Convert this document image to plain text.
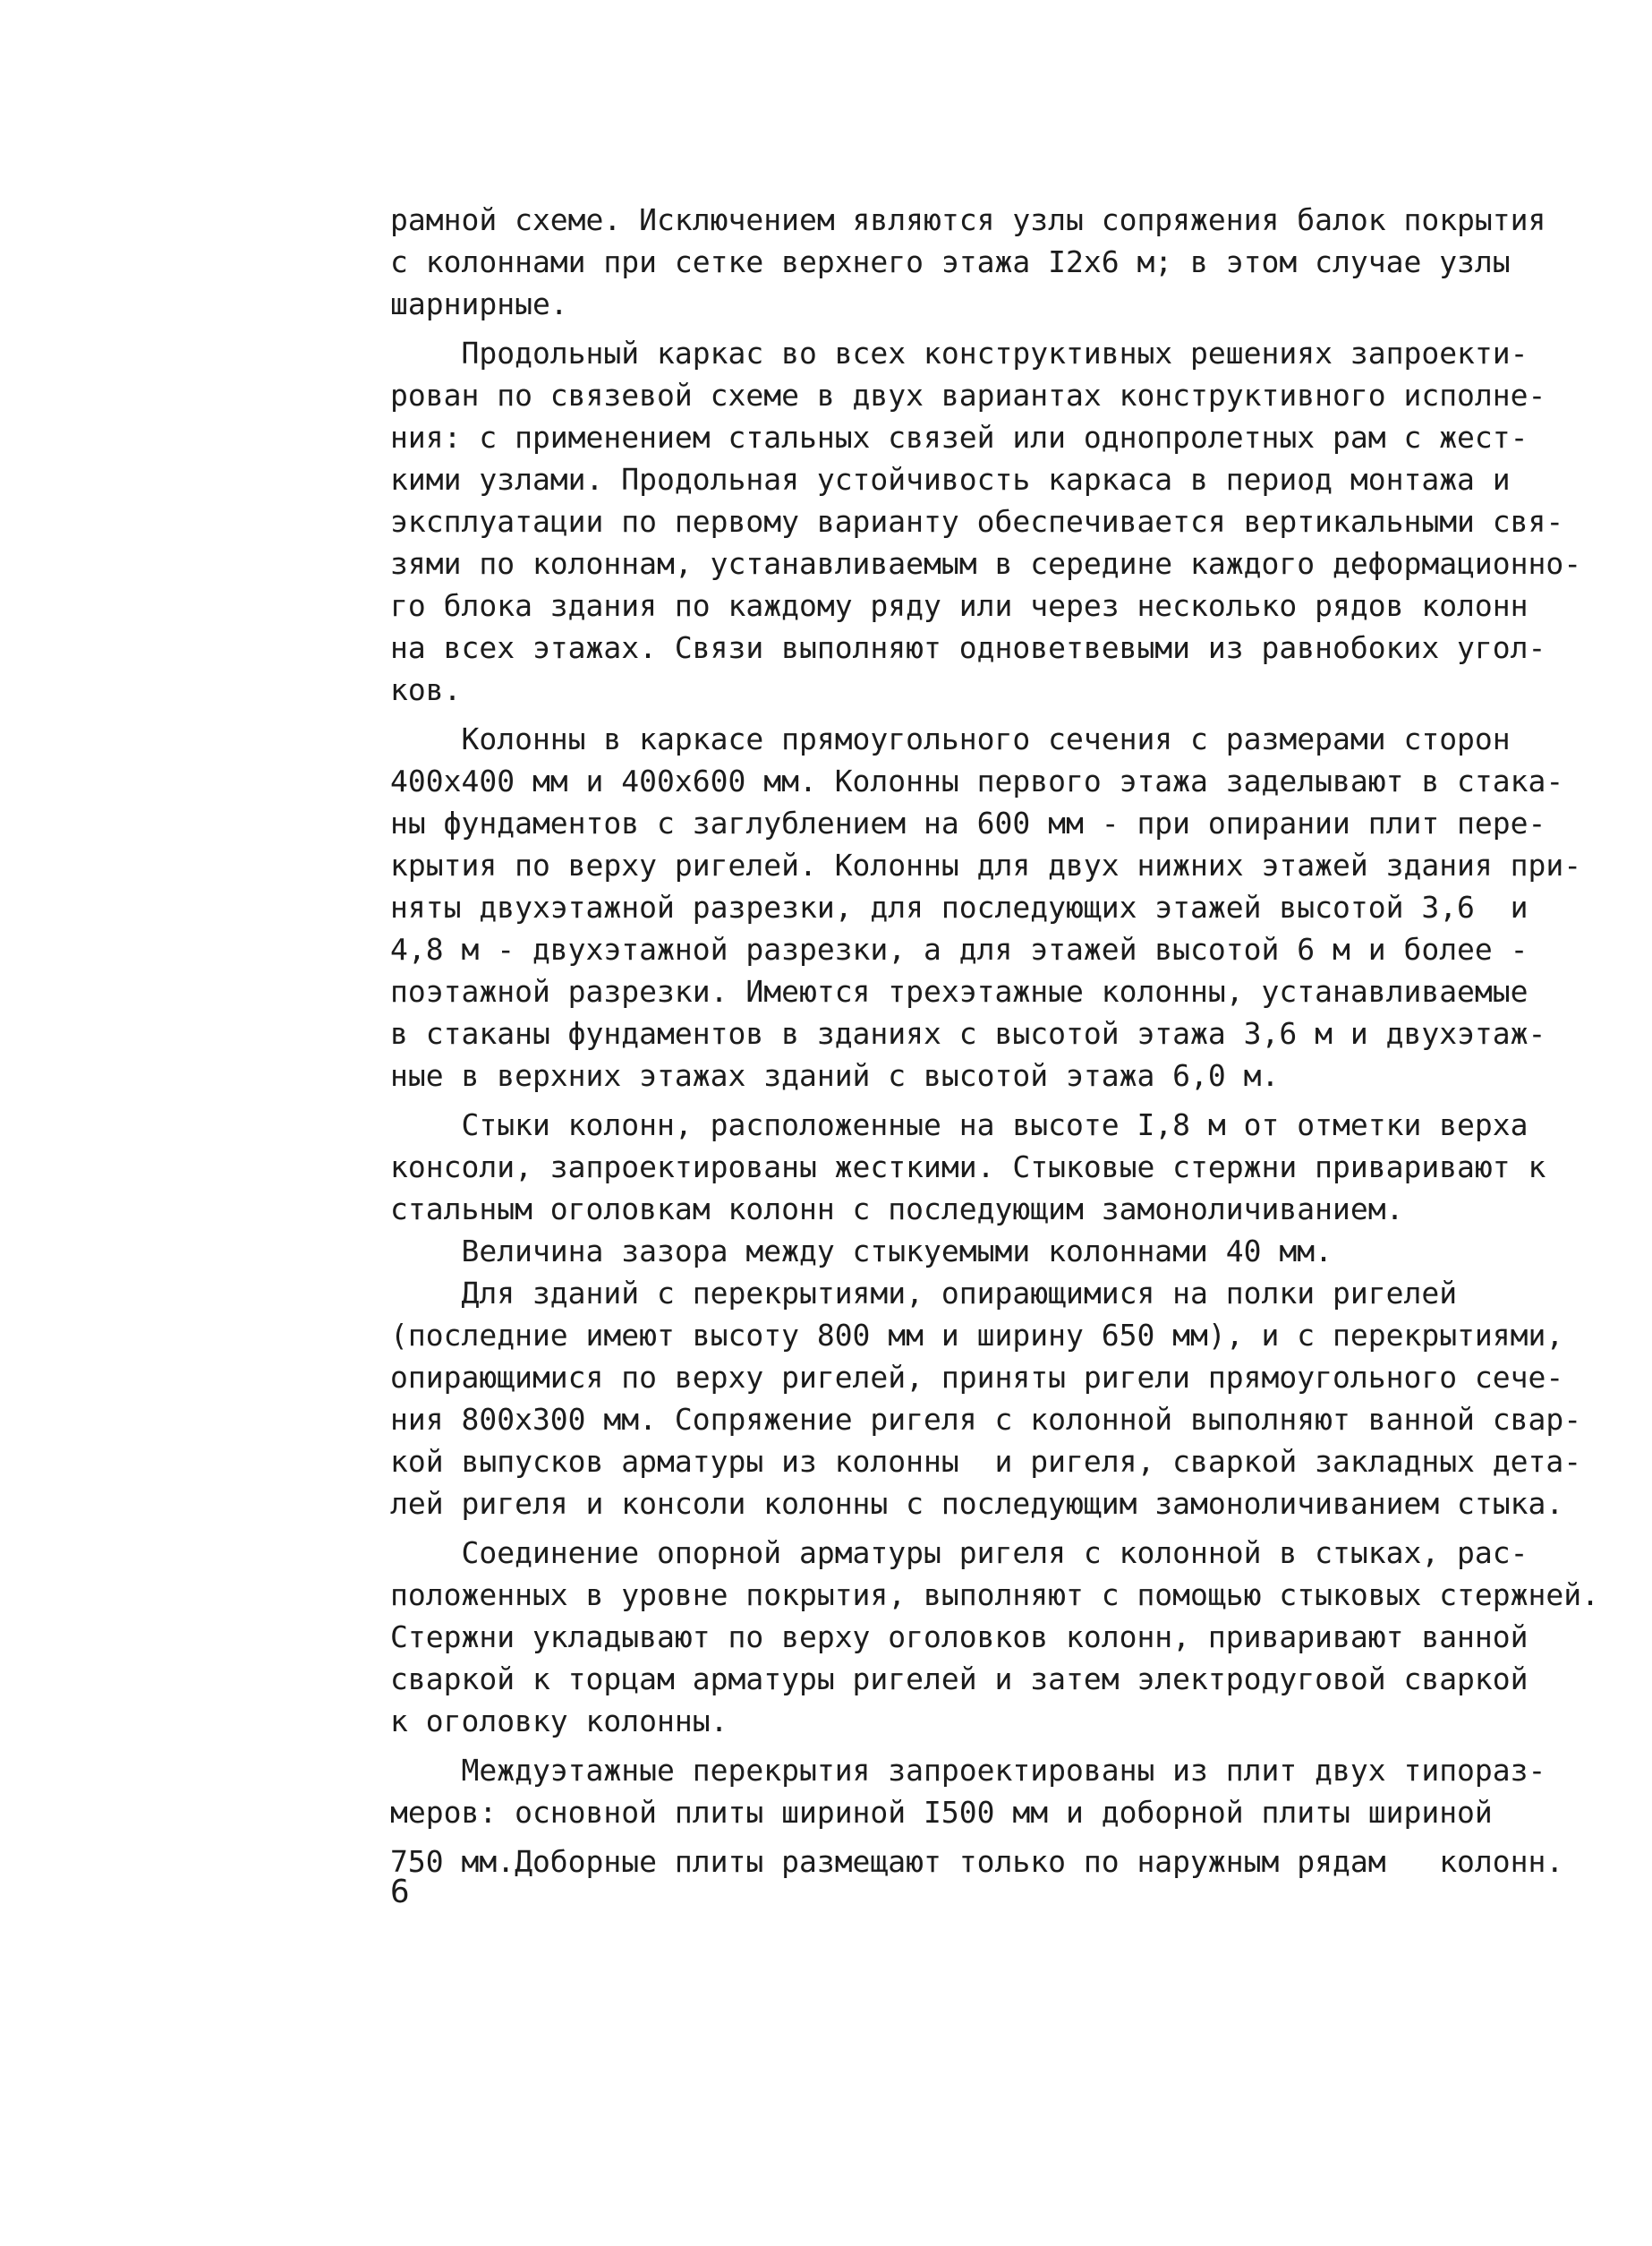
рамной схеме. Исключением являются узлы сопряжения балок покрытия
с колоннами при сетке верхнего этажа I2х6 м; в этом случае узлы
шарнирные.
Продольный каркас во всех конструктивных решениях запроекти-
рован по связевой схеме в двух вариантах конструктивного исполне-
ния: с применением стальных связей или однопролетных рам с жест-
кими узлами. Продольная устойчивость каркаса в период монтажа и
эксплуатации по первому варианту обеспечивается вертикальными свя-
зями по колоннам, устанавливаемым в середине каждого деформационно-
го блока здания по каждому ряду или через несколько рядов колонн
на всех этажах. Связи выполняют одноветвевыми из равнобоких угол-
ков.
Колонны в каркасе прямоугольного сечения с размерами сторон
400х400 мм и 400х600 мм. Колонны первого этажа заделывают в стака-
ны фундаментов с заглублением на 600 мм - при опирании плит пере-
крытия по верху ригелей. Колонны для двух нижних этажей здания при-
няты двухэтажной разрезки, для последующих этажей высотой 3,6  и
4,8 м - двухэтажной разрезки, а для этажей высотой 6 м и более -
поэтажной разрезки. Имеются трехэтажные колонны, устанавливаемые
в стаканы фундаментов в зданиях с высотой этажа 3,6 м и двухэтаж-
ные в верхних этажах зданий с высотой этажа 6,0 м.
Стыки колонн, расположенные на высоте I,8 м от отметки верха
консоли, запроектированы жесткими. Стыковые стержни приваривают к
стальным оголовкам колонн с последующим замоноличиванием.
Величина зазора между стыкуемыми колоннами 40 мм.
Для зданий с перекрытиями, опирающимися на полки ригелей
(последние имеют высоту 800 мм и ширину 650 мм), и с перекрытиями,
опирающимися по верху ригелей, приняты ригели прямоугольного сече-
ния 800х300 мм. Сопряжение ригеля с колонной выполняют ванной свар-
кой выпусков арматуры из колонны  и ригеля, сваркой закладных дета-
лей ригеля и консоли колонны с последующим замоноличиванием стыка.
Соединение опорной арматуры ригеля с колонной в стыках, рас-
положенных в уровне покрытия, выполняют с помощью стыковых стержней.
Стержни укладывают по верху оголовков колонн, приваривают ванной
сваркой к торцам арматуры ригелей и затем электродуговой сваркой
к оголовку колонны.
Междуэтажные перекрытия запроектированы из плит двух типораз-
меров: основной плиты шириной I500 мм и доборной плиты шириной
750 мм.Доборные плиты размещают только по наружным рядам   колонн.
6
